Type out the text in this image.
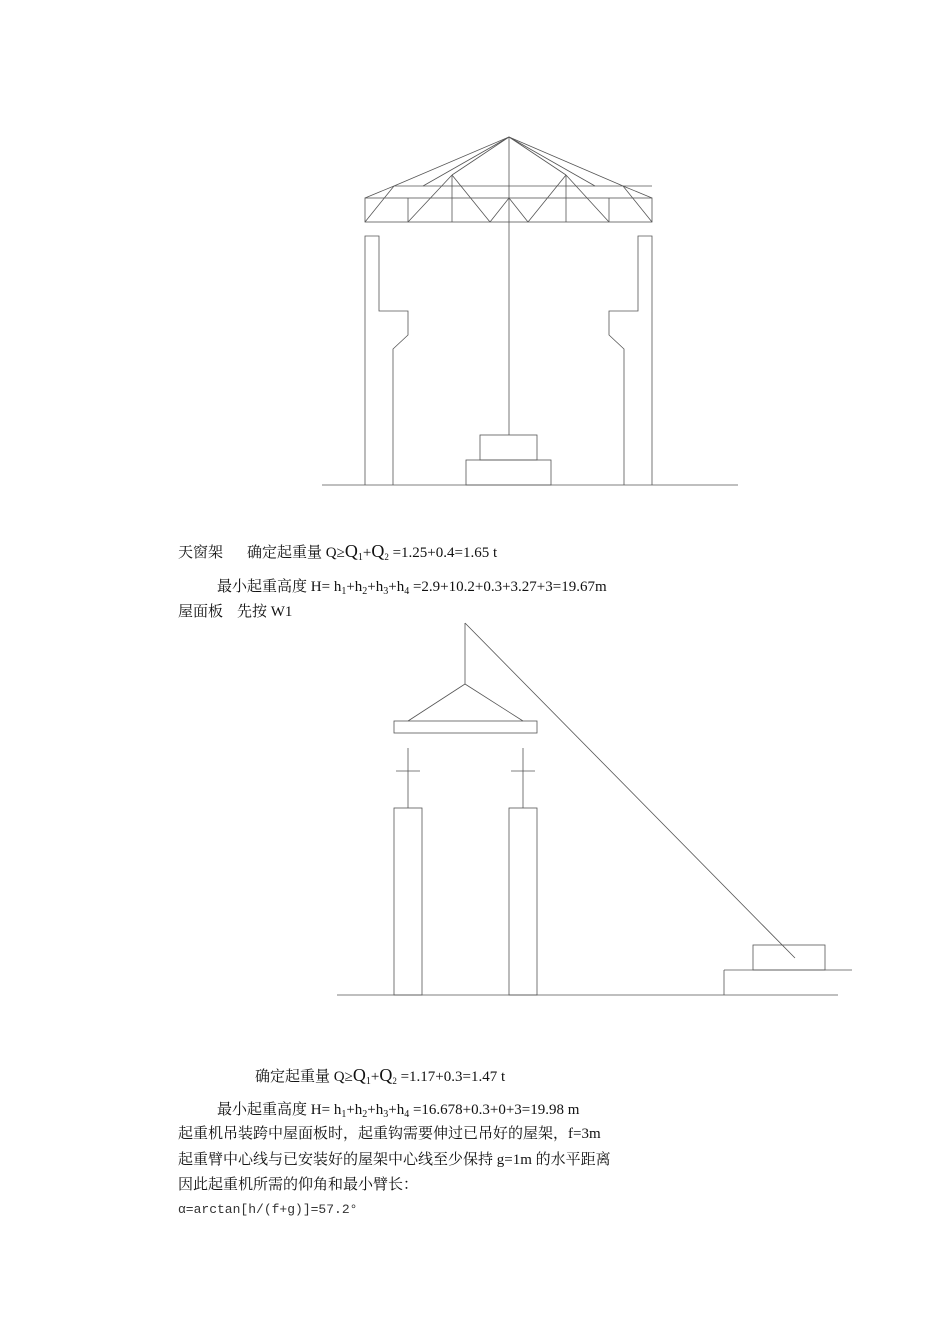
天窗架 确定起重量 $Q\ge Q_1+Q_2 =1.25+0.4=1.65$ t
最小起重高度 $H= h_1+h_2+h_3+h_4 =2.9+10.2+0.3+3.27+3=19.67m$
屋面板 先按 W1
确定起重量 $Q\ge Q_1+Q_2 =1.17+0.3=1.47$ t
最小起重高度 $H= h_1+h_2+h_3+h_4 =16.678+0.3+0+3=19.98$ m
起重机吊装跨中屋面板时，起重钩需要伸过已吊好的屋架，f=3m
起重臂中心线与已安装好的屋架中心线至少保持 g=1m 的水平距离
因此起重机所需的仰角和最小臂长：
α=arctan[h/(f+g)]=57.2°
